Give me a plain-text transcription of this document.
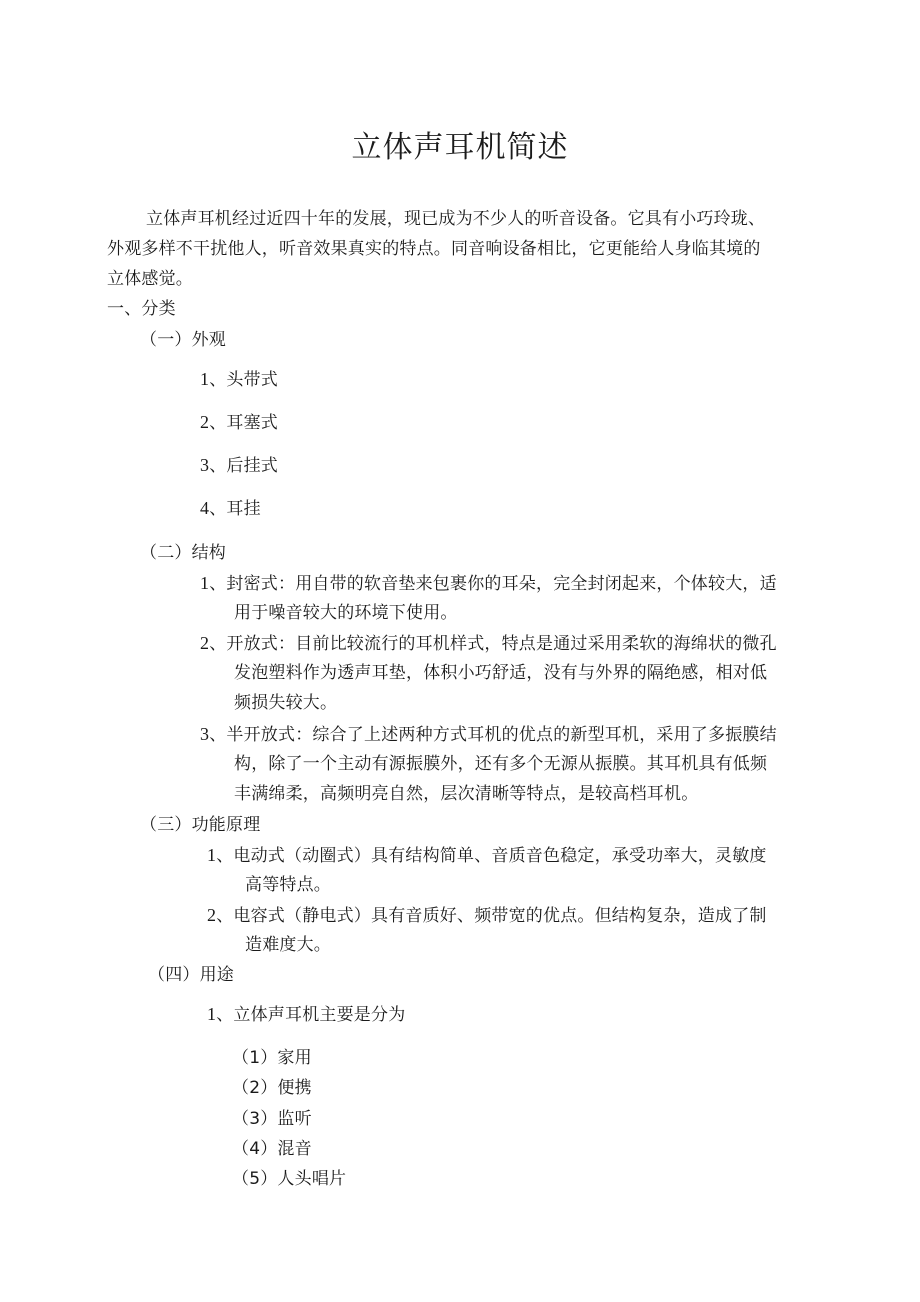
立体声耳机简述
立体声耳机经过近四十年的发展，现已成为不少人的听音设备。它具有小巧玲珑、
外观多样不干扰他人，听音效果真实的特点。同音响设备相比，它更能给人身临其境的
立体感觉。
一、分类
（一）外观
1、头带式
2、耳塞式
3、后挂式
4、耳挂
（二）结构
1、封密式：用自带的软音垫来包裹你的耳朵，完全封闭起来，个体较大，适
用于噪音较大的环境下使用。
2、开放式：目前比较流行的耳机样式，特点是通过采用柔软的海绵状的微孔
发泡塑料作为透声耳垫，体积小巧舒适，没有与外界的隔绝感，相对低
频损失较大。
3、半开放式：综合了上述两种方式耳机的优点的新型耳机，采用了多振膜结
构，除了一个主动有源振膜外，还有多个无源从振膜。其耳机具有低频
丰满绵柔，高频明亮自然，层次清晰等特点，是较高档耳机。
（三）功能原理
1、电动式（动圈式）具有结构简单、音质音色稳定，承受功率大，灵敏度
高等特点。
2、电容式（静电式）具有音质好、频带宽的优点。但结构复杂，造成了制
造难度大。
（四）用途
1、立体声耳机主要是分为
（1）家用
（2）便携
（3）监听
（4）混音
（5）人头唱片
